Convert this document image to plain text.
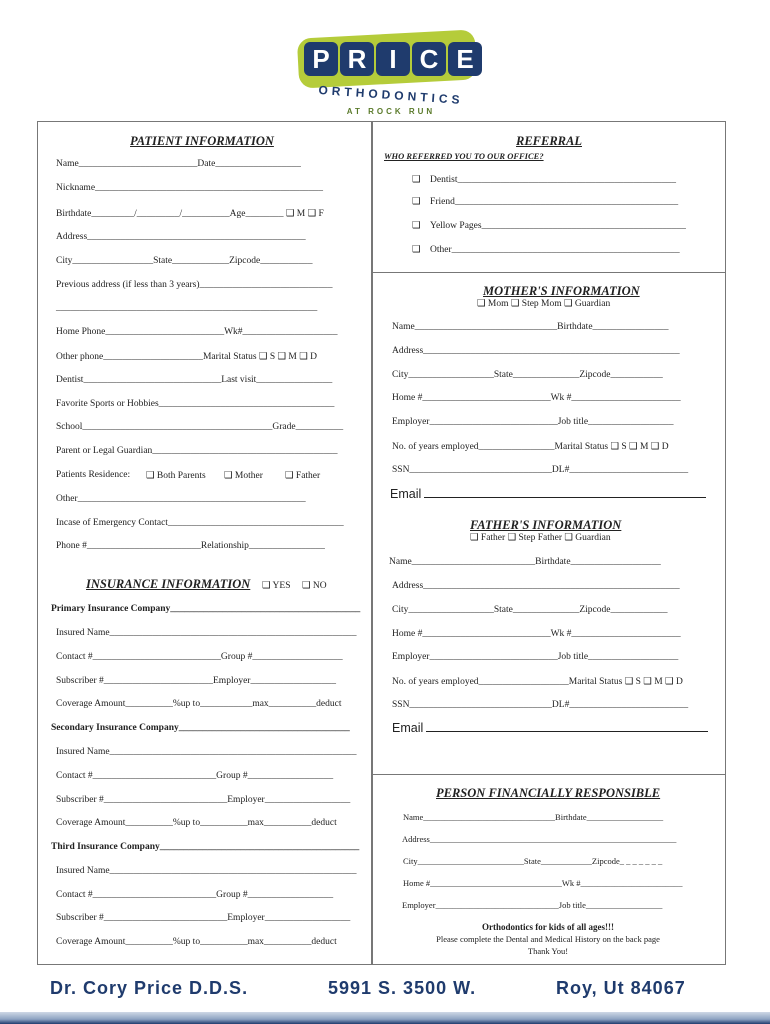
P R I C E
ORTHODONTICS
AT ROCK RUN
PATIENT INFORMATION
Name_________________________Date__________________
Nickname________________________________________________
Birthdate_________/_________/__________Age________ ❑ M ❑ F
Address______________________________________________
City_________________State____________Zipcode___________
Previous address (if less than 3 years)____________________________
_______________________________________________________
Home Phone_________________________Wk#____________________
Other phone_____________________Marital Status ❑ S ❑ M ❑ D
Dentist_____________________________Last visit________________
Favorite Sports or Hobbies_____________________________________
School________________________________________Grade__________
Parent or Legal Guardian_______________________________________
Patients Residence: ❑ Both Parents ❑ Mother ❑ Father
Other________________________________________________
Incase of Emergency Contact_____________________________________
Phone #________________________Relationship________________
INSURANCE INFORMATION ❑ YES ❑ NO
Primary Insurance Company________________________________________
Insured Name____________________________________________________
Contact #___________________________Group #___________________
Subscriber #_______________________Employer__________________
Coverage Amount__________%up to___________max__________deduct
Secondary Insurance Company____________________________________
Insured Name____________________________________________________
Contact #__________________________Group #__________________
Subscriber #__________________________Employer__________________
Coverage Amount__________%up to__________max__________deduct
Third Insurance Company__________________________________________
Insured Name____________________________________________________
Contact #__________________________Group #__________________
Subscriber #__________________________Employer__________________
Coverage Amount__________%up to__________max__________deduct
REFERRAL
WHO REFERRED YOU TO OUR OFFICE?
❑    Dentist______________________________________________
❑    Friend_______________________________________________
❑    Yellow Pages___________________________________________
❑    Other________________________________________________
MOTHER'S INFORMATION
❑ Mom ❑ Step Mom ❑ Guardian
Name______________________________Birthdate________________
Address______________________________________________________
City__________________State______________Zipcode___________
Home #___________________________Wk #_______________________
Employer___________________________Job title__________________
No. of years employed________________Marital Status ❑ S ❑ M ❑ D
SSN______________________________DL#_________________________
Email
FATHER'S INFORMATION
❑ Father ❑ Step Father ❑ Guardian
Name__________________________Birthdate___________________
Address______________________________________________________
City__________________State______________Zipcode____________
Home #___________________________Wk #_______________________
Employer___________________________Job title___________________
No. of years employed___________________Marital Status ❑ S ❑ M ❑ D
SSN______________________________DL#_________________________
Email
PERSON FINANCIALLY RESPONSIBLE
Name_______________________________Birthdate__________________
Address__________________________________________________________
City_________________________State____________Zipcode_ _ _ _ _ _ _
Home #_______________________________Wk #________________________
Employer_____________________________Job title__________________
Orthodontics for kids of all ages!!!
Please complete the Dental and Medical History on the back page
Thank You!
Dr. Cory Price D.D.S.	5991 S. 3500 W.	Roy, Ut 84067
